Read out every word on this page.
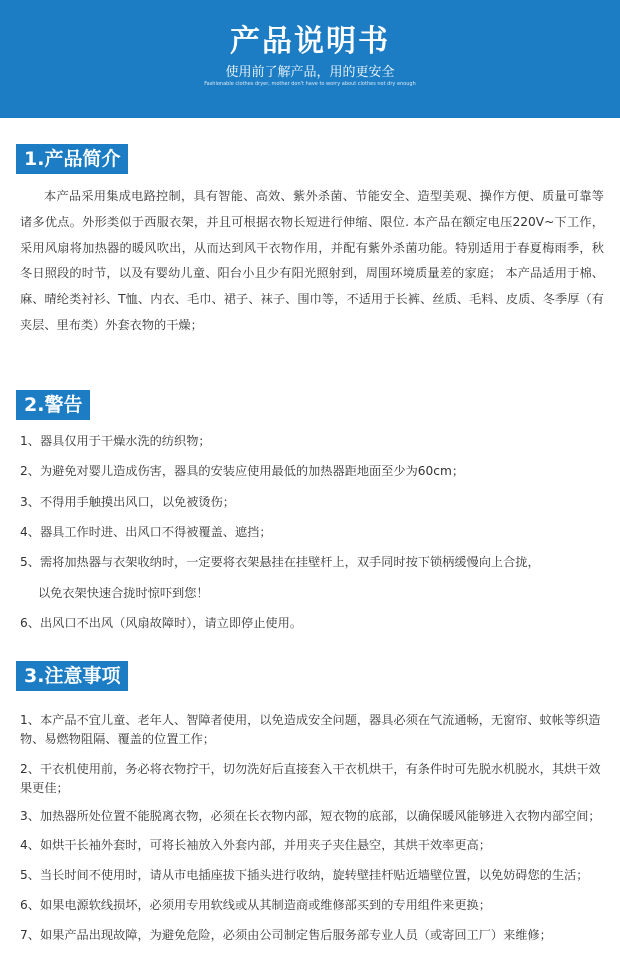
产品说明书
使用前了解产品，用的更安全
Fashionable clothes dryer, mother don't have to worry about clothes not dry enough
1.产品简介
本产品采用集成电路控制，具有智能、高效、紫外杀菌、节能安全、造型美观、操作方便、质量可靠等诸多优点。外形类似于西服衣架，并且可根据衣物长短进行伸缩、限位. 本产品在额定电压220V~下工作，采用风扇将加热器的暖风吹出，从而达到风干衣物作用，并配有紫外杀菌功能。特别适用于春夏梅雨季，秋冬日照段的时节，以及有婴幼儿童、阳台小且少有阳光照射到，周围环境质量差的家庭； 本产品适用于棉、麻、晴纶类衬衫、T恤、内衣、毛巾、裙子、袜子、围巾等，不适用于长裤、丝质、毛料、皮质、冬季厚（有夹层、里布类）外套衣物的干燥；
2.警告
1、器具仅用于干燥水洗的纺织物；
2、为避免对婴儿造成伤害，器具的安装应使用最低的加热器距地面至少为60cm；
3、不得用手触摸出风口，以免被烫伤；
4、器具工作时进、出风口不得被覆盖、遮挡；
5、需将加热器与衣架收纳时，一定要将衣架悬挂在挂壁杆上，双手同时按下锁柄缓慢向上合拢，
以免衣架快速合拢时惊吓到您！
6、出风口不出风（风扇故障时），请立即停止使用。
3.注意事项
1、本产品不宜儿童、老年人、智障者使用，以免造成安全问题，器具必须在气流通畅，无窗帘、蚊帐等织造物、易燃物阻隔、覆盖的位置工作；
2、干衣机使用前，务必将衣物拧干，切勿洗好后直接套入干衣机烘干，有条件时可先脱水机脱水，其烘干效果更佳；
3、加热器所处位置不能脱离衣物，必须在长衣物内部，短衣物的底部，以确保暖风能够进入衣物内部空间；
4、如烘干长袖外套时，可将长袖放入外套内部，并用夹子夹住悬空，其烘干效率更高；
5、当长时间不使用时，请从市电插座拔下插头进行收纳，旋转壁挂杆贴近墙壁位置，以免妨碍您的生活；
6、如果电源软线损坏，必须用专用软线或从其制造商或维修部买到的专用组件来更换；
7、如果产品出现故障，为避免危险，必须由公司制定售后服务部专业人员（或寄回工厂）来维修；
